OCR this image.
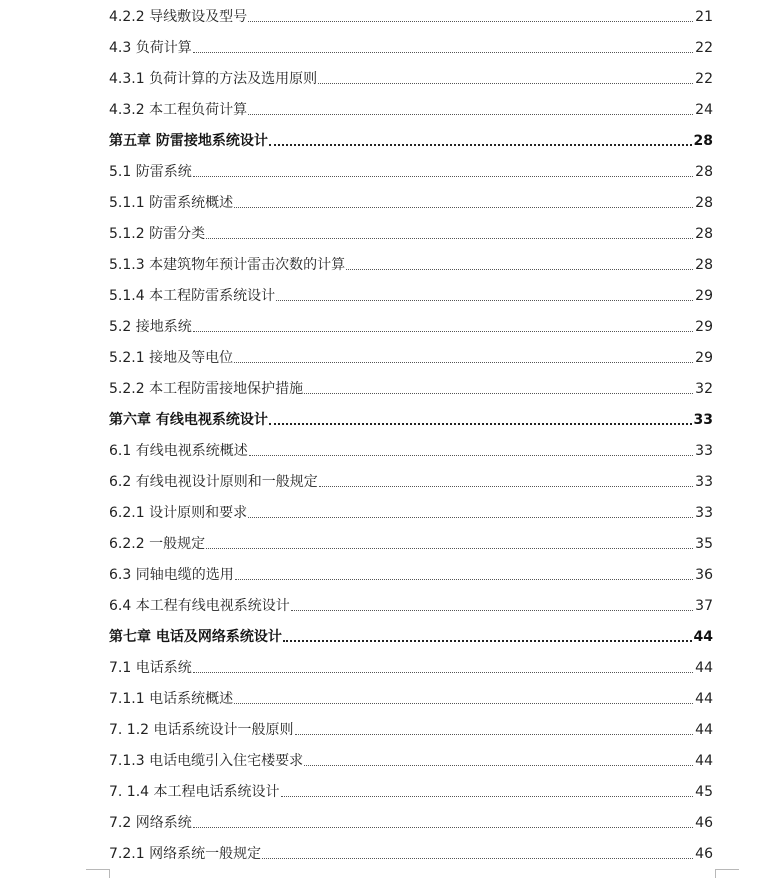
4.2.2 导线敷设及型号	21
4.3 负荷计算	22
4.3.1 负荷计算的方法及选用原则	22
4.3.2 本工程负荷计算	24
第五章 防雷接地系统设计	28
5.1 防雷系统	28
5.1.1 防雷系统概述	28
5.1.2 防雷分类	28
5.1.3 本建筑物年预计雷击次数的计算	28
5.1.4 本工程防雷系统设计	29
5.2 接地系统	29
5.2.1 接地及等电位	29
5.2.2 本工程防雷接地保护措施	32
第六章 有线电视系统设计	33
6.1 有线电视系统概述	33
6.2 有线电视设计原则和一般规定	33
6.2.1 设计原则和要求	33
6.2.2 一般规定	35
6.3 同轴电缆的选用	36
6.4 本工程有线电视系统设计	37
第七章 电话及网络系统设计	44
7.1 电话系统	44
7.1.1 电话系统概述	44
7. 1.2 电话系统设计一般原则	44
7.1.3 电话电缆引入住宅楼要求	44
7. 1.4 本工程电话系统设计	45
7.2 网络系统	46
7.2.1 网络系统一般规定	46
